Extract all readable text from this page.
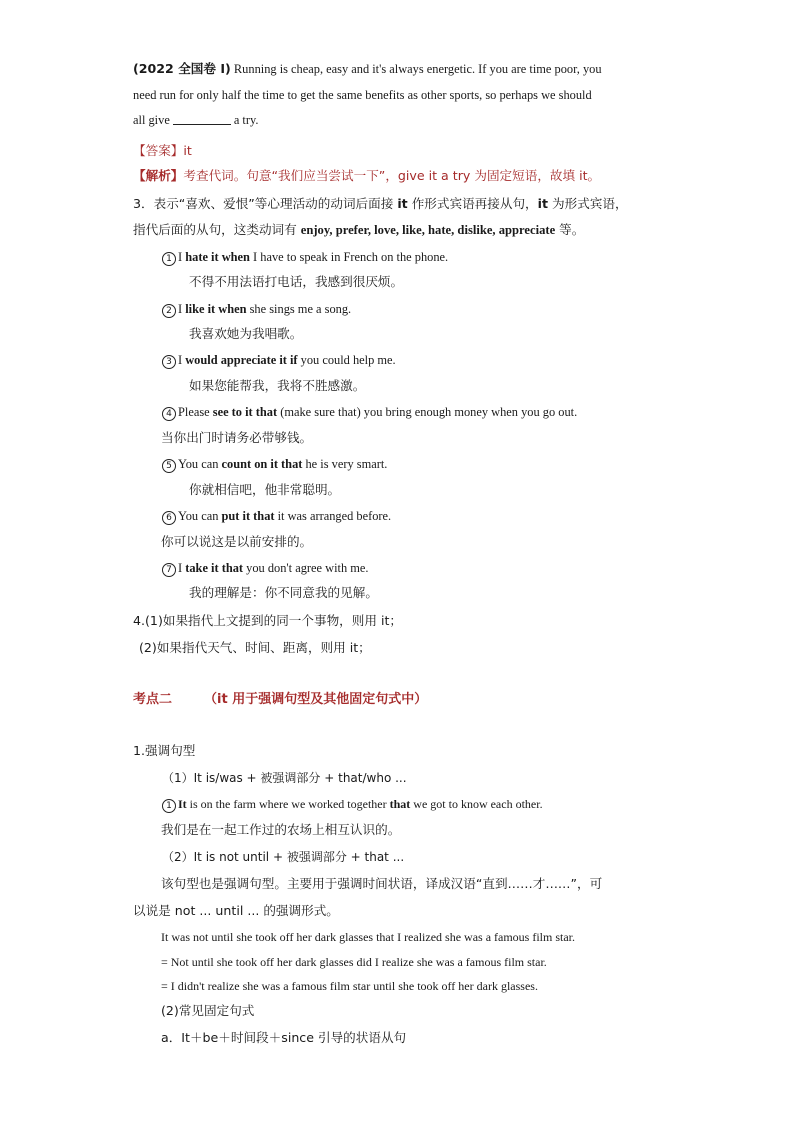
(2022 全国卷 I) Running is cheap, easy and it's always energetic. If you are time poor, you
need run for only half the time to get the same benefits as other sports, so perhaps we should
all give	a try.
【答案】it
【解析】考查代词。句意“我们应当尝试一下”，give it a try 为固定短语，故填 it。
3．表示“喜欢、爱恨”等心理活动的动词后面接 it 作形式宾语再接从句，it 为形式宾语，
指代后面的从句，这类动词有 enjoy, prefer, love, like, hate, dislike, appreciate 等。
1 I hate it when I have to speak in French on the phone.
不得不用法语打电话，我感到很厌烦。
2 I like it when she sings me a song.
我喜欢她为我唱歌。
3 I would appreciate it if you could help me.
如果您能帮我，我将不胜感激。
4 Please see to it that (make sure that) you bring enough money when you go out.
当你出门时请务必带够钱。
5 You can count on it that he is very smart.
你就相信吧，他非常聪明。
6 You can put it that it was arranged before.
你可以说这是以前安排的。
7 I take it that you don't agree with me.
我的理解是：你不同意我的见解。
4.(1)如果指代上文提到的同一个事物，则用 it；
(2)如果指代天气、时间、距离，则用 it；
考点二 （it 用于强调句型及其他固定句式中）
1.强调句型
（1）It is/was + 被强调部分 + that/who ...
1 It is on the farm where we worked together that we got to know each other.
我们是在一起工作过的农场上相互认识的。
（2）It is not until + 被强调部分 + that ...
该句型也是强调句型。主要用于强调时间状语，译成汉语“直到……才……”，可
以说是 not ... until ... 的强调形式。
It was not until she took off her dark glasses that I realized she was a famous film star.
= Not until she took off her dark glasses did I realize she was a famous film star.
= I didn't realize she was a famous film star until she took off her dark glasses.
(2)常见固定句式
a．It＋be＋时间段＋since 引导的状语从句
